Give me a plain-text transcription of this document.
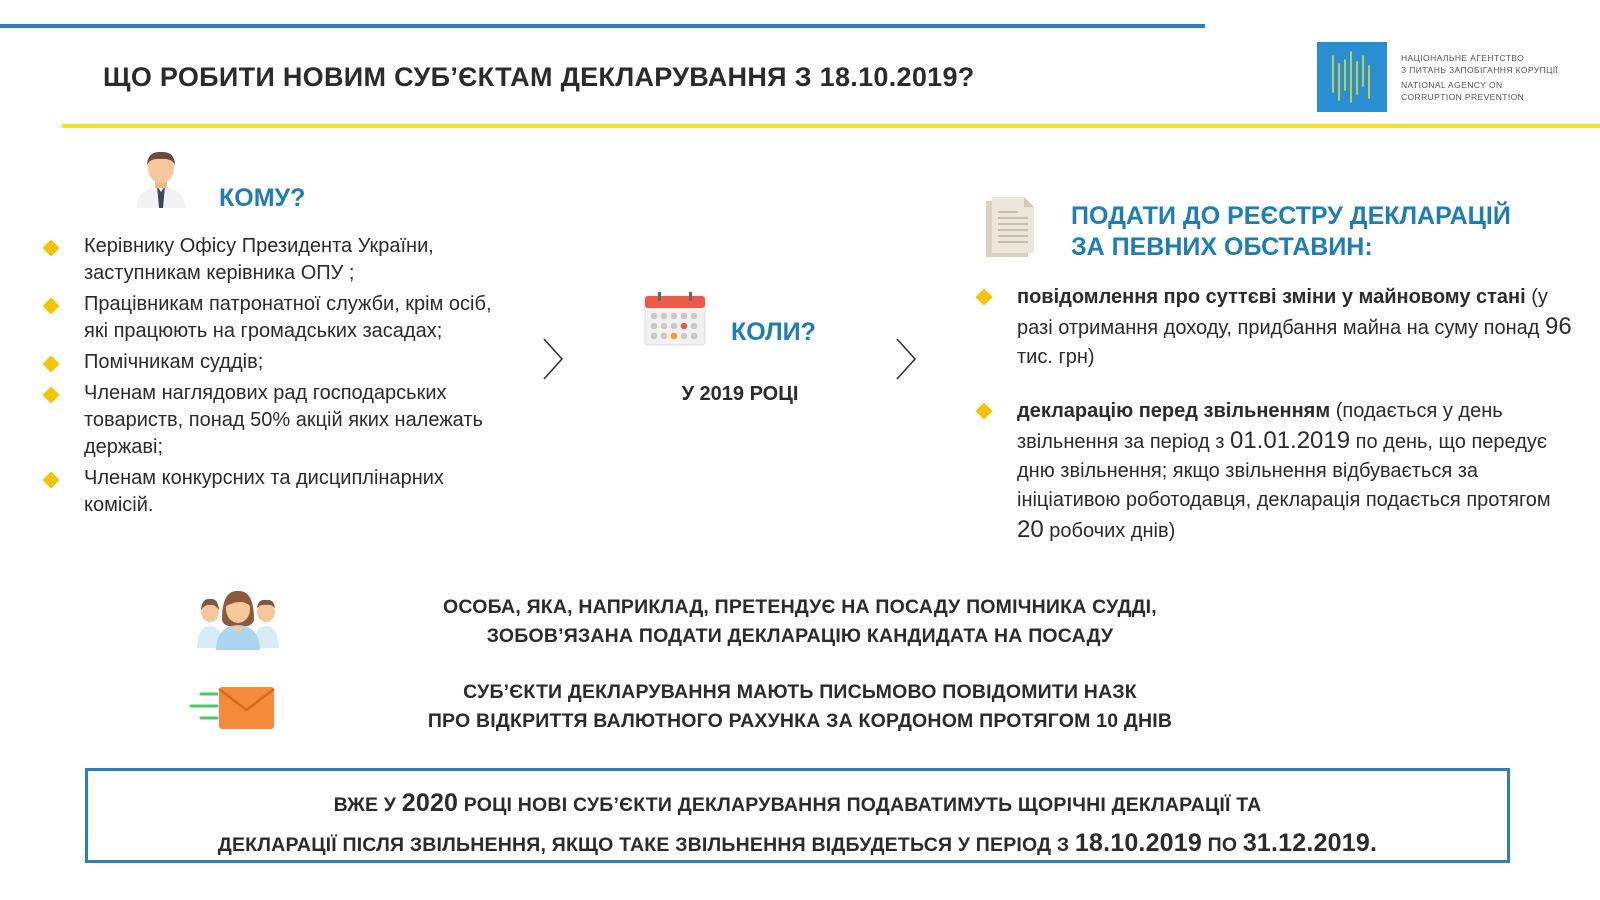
ЩО РОБИТИ НОВИМ СУБ’ЄКТАМ ДЕКЛАРУВАННЯ З 18.10.2019?
НАЦІОНАЛЬНЕ АГЕНТСТВО
З ПИТАНЬ ЗАПОБІГАННЯ КОРУПЦІЇ
NATIONAL AGENCY ON
CORRUPTION PREVENTION
КОМУ?
Керівнику Офісу Президента України, заступникам керівника ОПУ ;
Працівникам патронатної служби, крім осіб, які працюють на громадських засадах;
Помічникам суддів;
Членам наглядових рад господарських товариств, понад 50% акцій яких належать державі;
Членам конкурсних та дисциплінарних комісій.
КОЛИ?
У 2019 РОЦІ
ПОДАТИ ДО РЕЄСТРУ ДЕКЛАРАЦІЙ
ЗА ПЕВНИХ ОБСТАВИН:
повідомлення про суттєві зміни у майновому стані (у разі отримання доходу, придбання майна на суму понад 96 тис. грн)
декларацію перед звільненням (подається у день звільнення за період з 01.01.2019 по день, що передує дню звільнення; якщо звільнення відбувається за ініціативою роботодавця, декларація подається протягом 20 робочих днів)
ОСОБА, ЯКА, НАПРИКЛАД, ПРЕТЕНДУЄ НА ПОСАДУ ПОМІЧНИКА СУДДІ,
ЗОБОВ’ЯЗАНА ПОДАТИ ДЕКЛАРАЦІЮ КАНДИДАТА НА ПОСАДУ
СУБ’ЄКТИ ДЕКЛАРУВАННЯ МАЮТЬ ПИСЬМОВО ПОВІДОМИТИ НАЗК
ПРО ВІДКРИТТЯ ВАЛЮТНОГО РАХУНКА ЗА КОРДОНОМ ПРОТЯГОМ 10 ДНІВ
ВЖЕ У 2020 РОЦІ НОВІ СУБ’ЄКТИ ДЕКЛАРУВАННЯ ПОДАВАТИМУТЬ ЩОРІЧНІ ДЕКЛАРАЦІЇ ТА
ДЕКЛАРАЦІЇ ПІСЛЯ ЗВІЛЬНЕННЯ, ЯКЩО ТАКЕ ЗВІЛЬНЕННЯ ВІДБУДЕТЬСЯ У ПЕРІОД З 18.10.2019 ПО 31.12.2019.
